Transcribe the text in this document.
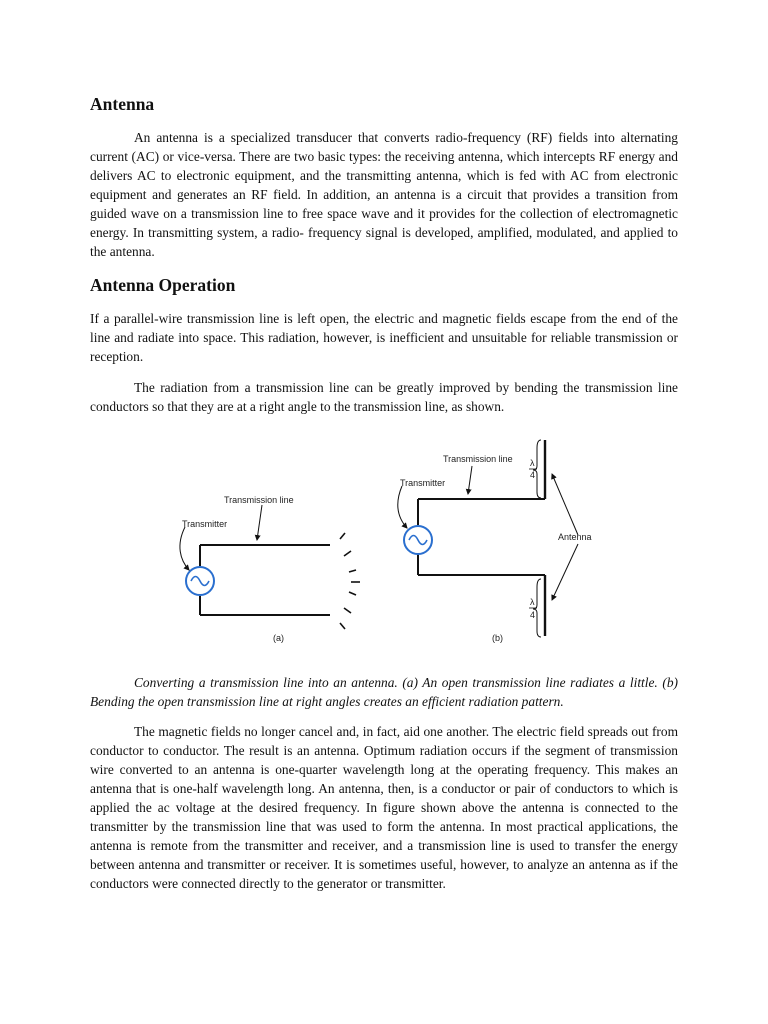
Antenna

An antenna is a specialized transducer that converts radio-frequency (RF) fields into alternating current (AC) or vice-versa. There are two basic types: the receiving antenna, which intercepts RF energy and delivers AC to electronic equipment, and the transmitting antenna, which is fed with AC from electronic equipment and generates an RF field. In addition, an antenna is a circuit that provides a transition from guided wave on a transmission line to free space wave and it provides for the collection of electromagnetic energy. In transmitting system, a radio- frequency signal is developed, amplified, modulated, and applied to the antenna.

Antenna Operation

If a parallel-wire transmission line is left open, the electric and magnetic fields escape from the end of the line and radiate into space. This radiation, however, is inefficient and unsuitable for reliable transmission or reception.

The radiation from a transmission line can be greatly improved by bending the transmission line conductors so that they are at a right angle to the transmission line, as shown.

Converting a transmission line into an antenna. (a) An open transmission line radiates a little. (b) Bending the open transmission line at right angles creates an efficient radiation pattern.

The magnetic fields no longer cancel and, in fact, aid one another. The electric field spreads out from conductor to conductor. The result is an antenna. Optimum radiation occurs if the segment of transmission wire converted to an antenna is one-quarter wavelength long at the operating frequency. This makes an antenna that is one-half wavelength long. An antenna, then, is a conductor or pair of conductors to which is applied the ac voltage at the desired frequency. In figure shown above the antenna is connected to the transmitter by the transmission line that was used to form the antenna. In most practical applications, the antenna is remote from the transmitter and receiver, and a transmission line is used to transfer the energy between antenna and transmitter or receiver. It is sometimes useful, however, to analyze an antenna as if the conductors were connected directly to the generator or transmitter.

Transmission line
Transmitter
(a)
λ
4
λ
4
Transmission line
Transmitter
Antenna
(b)
